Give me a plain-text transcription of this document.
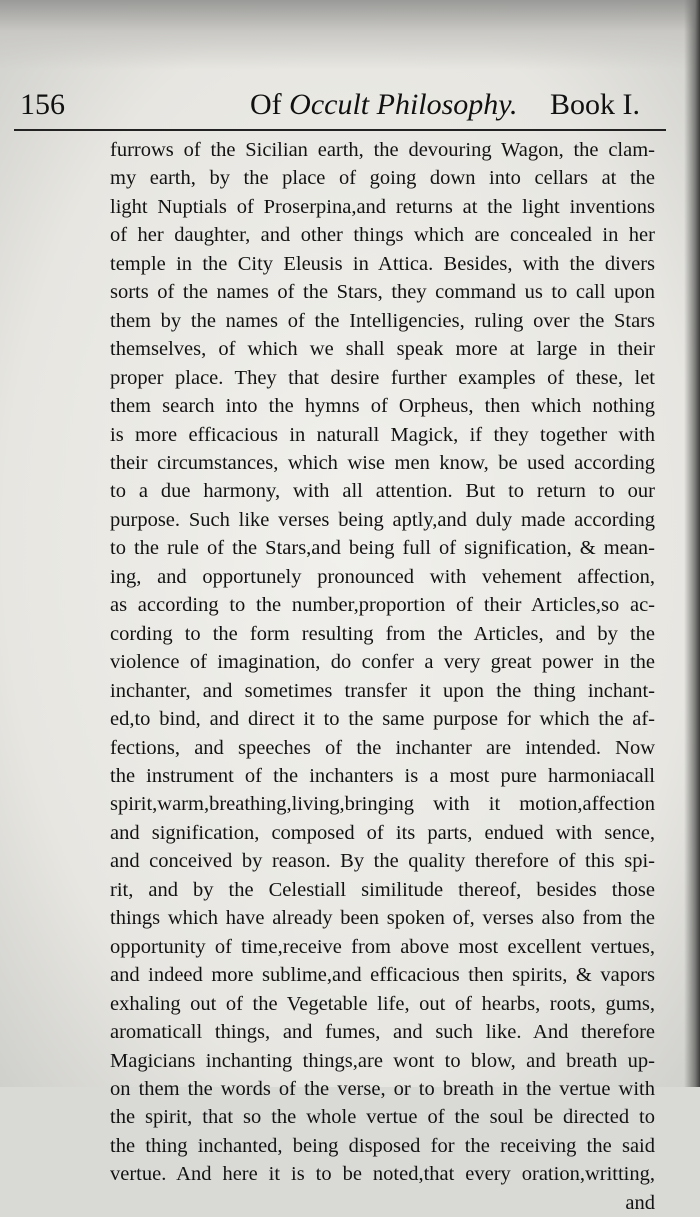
156	Of Occult Philosophy. Book I.
furrows of the Sicilian earth, the devouring Wagon, the clam-
my earth, by the place of going down into cellars at the
light Nuptials of Proserpina,and returns at the light inventions
of her daughter, and other things which are concealed in her
temple in the City Eleusis in Attica. Besides, with the divers
sorts of the names of the Stars, they command us to call upon
them by the names of the Intelligencies, ruling over the Stars
themselves, of which we shall speak more at large in their
proper place. They that desire further examples of these, let
them search into the hymns of Orpheus, then which nothing
is more efficacious in naturall Magick, if they together with
their circumstances, which wise men know, be used according
to a due harmony, with all attention. But to return to our
purpose. Such like verses being aptly,and duly made according
to the rule of the Stars,and being full of signification, & mean-
ing, and opportunely pronounced with vehement affection,
as according to the number,proportion of their Articles,so ac-
cording to the form resulting from the Articles, and by the
violence of imagination, do confer a very great power in the
inchanter, and sometimes transfer it upon the thing inchant-
ed,to bind, and direct it to the same purpose for which the af-
fections, and speeches of the inchanter are intended. Now
the instrument of the inchanters is a most pure harmoniacall
spirit,warm,breathing,living,bringing with it motion,affection
and signification, composed of its parts, endued with sence,
and conceived by reason. By the quality therefore of this spi-
rit, and by the Celestiall similitude thereof, besides those
things which have already been spoken of, verses also from the
opportunity of time,receive from above most excellent vertues,
and indeed more sublime,and efficacious then spirits, & vapors
exhaling out of the Vegetable life, out of hearbs, roots, gums,
aromaticall things, and fumes, and such like. And therefore
Magicians inchanting things,are wont to blow, and breath up-
on them the words of the verse, or to breath in the vertue with
the spirit, that so the whole vertue of the soul be directed to
the thing inchanted, being disposed for the receiving the said
vertue. And here it is to be noted,that every oration,writting,
and
